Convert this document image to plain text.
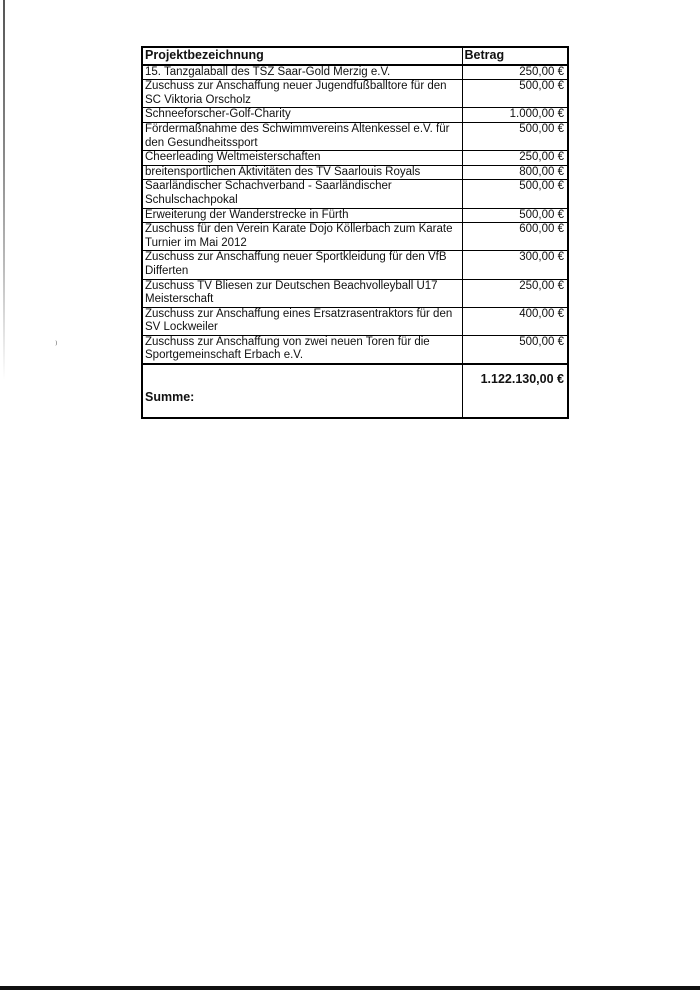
⁾
Projektbezeichnung	Betrag
15. Tanzgalaball des TSZ Saar-Gold Merzig e.V.	250,00 €
Zuschuss zur Anschaffung neuer Jugendfußballtore für den SC Viktoria Orscholz	500,00 €
Schneeforscher-Golf-Charity	1.000,00 €
Fördermaßnahme des Schwimmvereins Altenkessel e.V. für den Gesundheitssport	500,00 €
Cheerleading Weltmeisterschaften	250,00 €
breitensportlichen Aktivitäten des TV Saarlouis Royals	800,00 €
Saarländischer Schachverband - Saarländischer Schulschachpokal	500,00 €
Erweiterung der Wanderstrecke in Fürth	500,00 €
Zuschuss für den Verein Karate Dojo Köllerbach zum Karate Turnier im Mai 2012	600,00 €
Zuschuss zur Anschaffung neuer Sportkleidung für den VfB Differten	300,00 €
Zuschuss TV Bliesen zur Deutschen Beachvolleyball U17 Meisterschaft	250,00 €
Zuschuss zur Anschaffung eines Ersatzrasentraktors für den SV Lockweiler	400,00 €
Zuschuss zur Anschaffung von zwei neuen Toren für die Sportgemeinschaft Erbach e.V.	500,00 €
Summe:	1.122.130,00 €
